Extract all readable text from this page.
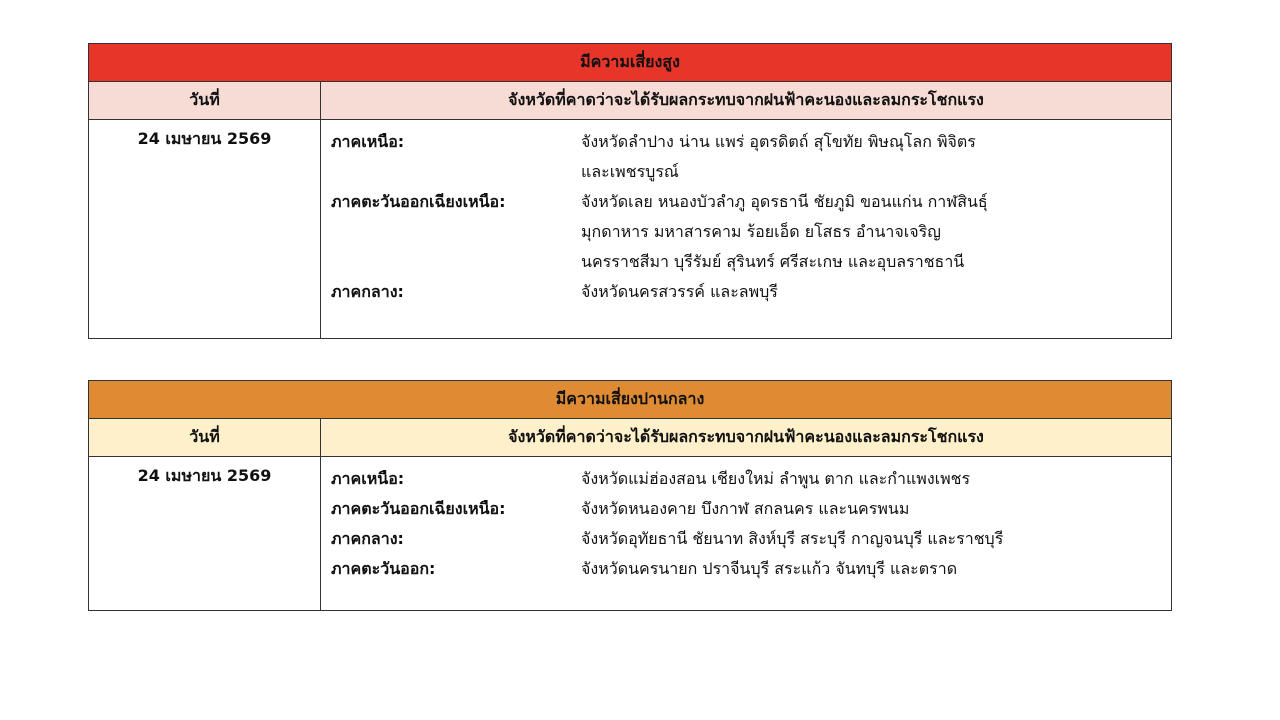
มีความเสี่ยงสูง
วันที่	จังหวัดที่คาดว่าจะได้รับผลกระทบจากฝนฟ้าคะนองและลมกระโชกแรง
24 เมษายน 2569	ภาคเหนือ:	จังหวัดลำปาง น่าน แพร่ อุตรดิตถ์ สุโขทัย พิษณุโลก พิจิตร
และเพชรบูรณ์
ภาคตะวันออกเฉียงเหนือ:	จังหวัดเลย หนองบัวลำภู อุดรธานี ชัยภูมิ ขอนแก่น กาฬสินธุ์
มุกดาหาร มหาสารคาม ร้อยเอ็ด ยโสธร อำนาจเจริญ
นครราชสีมา บุรีรัมย์ สุรินทร์ ศรีสะเกษ และอุบลราชธานี
ภาคกลาง:	จังหวัดนครสวรรค์ และลพบุรี
มีความเสี่ยงปานกลาง
วันที่	จังหวัดที่คาดว่าจะได้รับผลกระทบจากฝนฟ้าคะนองและลมกระโชกแรง
24 เมษายน 2569	ภาคเหนือ:	จังหวัดแม่ฮ่องสอน เชียงใหม่ ลำพูน ตาก และกำแพงเพชร
ภาคตะวันออกเฉียงเหนือ:	จังหวัดหนองคาย บึงกาฬ สกลนคร และนครพนม
ภาคกลาง:	จังหวัดอุทัยธานี ชัยนาท สิงห์บุรี สระบุรี กาญจนบุรี และราชบุรี
ภาคตะวันออก:	จังหวัดนครนายก ปราจีนบุรี สระแก้ว จันทบุรี และตราด
